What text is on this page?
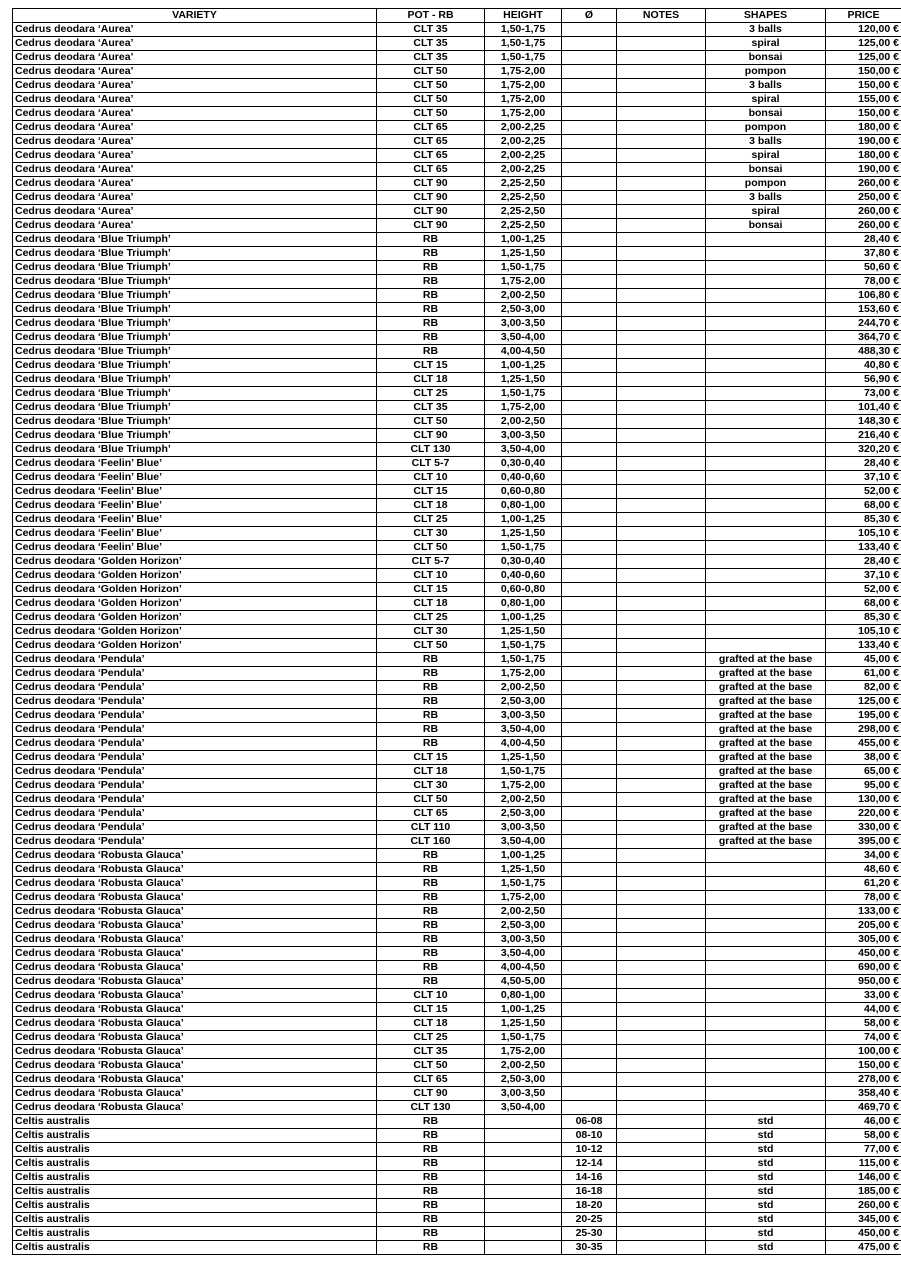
VARIETY	POT - RB	HEIGHT	Ø	NOTES	SHAPES	PRICE
Cedrus deodara ‘Aurea’	CLT 35	1,50-1,75			3 balls	120,00 €
Cedrus deodara ‘Aurea’	CLT 35	1,50-1,75			spiral	125,00 €
Cedrus deodara ‘Aurea’	CLT 35	1,50-1,75			bonsai	125,00 €
Cedrus deodara ‘Aurea’	CLT 50	1,75-2,00			pompon	150,00 €
Cedrus deodara ‘Aurea’	CLT 50	1,75-2,00			3 balls	150,00 €
Cedrus deodara ‘Aurea’	CLT 50	1,75-2,00			spiral	155,00 €
Cedrus deodara ‘Aurea’	CLT 50	1,75-2,00			bonsai	150,00 €
Cedrus deodara ‘Aurea’	CLT 65	2,00-2,25			pompon	180,00 €
Cedrus deodara ‘Aurea’	CLT 65	2,00-2,25			3 balls	190,00 €
Cedrus deodara ‘Aurea’	CLT 65	2,00-2,25			spiral	180,00 €
Cedrus deodara ‘Aurea’	CLT 65	2,00-2,25			bonsai	190,00 €
Cedrus deodara ‘Aurea’	CLT 90	2,25-2,50			pompon	260,00 €
Cedrus deodara ‘Aurea’	CLT 90	2,25-2,50			3 balls	250,00 €
Cedrus deodara ‘Aurea’	CLT 90	2,25-2,50			spiral	260,00 €
Cedrus deodara ‘Aurea’	CLT 90	2,25-2,50			bonsai	260,00 €
Cedrus deodara ‘Blue Triumph’	RB	1,00-1,25				28,40 €
Cedrus deodara ‘Blue Triumph’	RB	1,25-1,50				37,80 €
Cedrus deodara ‘Blue Triumph’	RB	1,50-1,75				50,60 €
Cedrus deodara ‘Blue Triumph’	RB	1,75-2,00				78,00 €
Cedrus deodara ‘Blue Triumph’	RB	2,00-2,50				106,80 €
Cedrus deodara ‘Blue Triumph’	RB	2,50-3,00				153,60 €
Cedrus deodara ‘Blue Triumph’	RB	3,00-3,50				244,70 €
Cedrus deodara ‘Blue Triumph’	RB	3,50-4,00				364,70 €
Cedrus deodara ‘Blue Triumph’	RB	4,00-4,50				488,30 €
Cedrus deodara ‘Blue Triumph’	CLT 15	1,00-1,25				40,80 €
Cedrus deodara ‘Blue Triumph’	CLT 18	1,25-1,50				56,90 €
Cedrus deodara ‘Blue Triumph’	CLT 25	1,50-1,75				73,00 €
Cedrus deodara ‘Blue Triumph’	CLT 35	1,75-2,00				101,40 €
Cedrus deodara ‘Blue Triumph’	CLT 50	2,00-2,50				148,30 €
Cedrus deodara ‘Blue Triumph’	CLT 90	3,00-3,50				216,40 €
Cedrus deodara ‘Blue Triumph’	CLT 130	3,50-4,00				320,20 €
Cedrus deodara ‘Feelin’ Blue’	CLT 5-7	0,30-0,40				28,40 €
Cedrus deodara ‘Feelin’ Blue’	CLT 10	0,40-0,60				37,10 €
Cedrus deodara ‘Feelin’ Blue’	CLT 15	0,60-0,80				52,00 €
Cedrus deodara ‘Feelin’ Blue’	CLT 18	0,80-1,00				68,00 €
Cedrus deodara ‘Feelin’ Blue’	CLT 25	1,00-1,25				85,30 €
Cedrus deodara ‘Feelin’ Blue’	CLT 30	1,25-1,50				105,10 €
Cedrus deodara ‘Feelin’ Blue’	CLT 50	1,50-1,75				133,40 €
Cedrus deodara ‘Golden Horizon’	CLT 5-7	0,30-0,40				28,40 €
Cedrus deodara ‘Golden Horizon’	CLT 10	0,40-0,60				37,10 €
Cedrus deodara ‘Golden Horizon’	CLT 15	0,60-0,80				52,00 €
Cedrus deodara ‘Golden Horizon’	CLT 18	0,80-1,00				68,00 €
Cedrus deodara ‘Golden Horizon’	CLT 25	1,00-1,25				85,30 €
Cedrus deodara ‘Golden Horizon’	CLT 30	1,25-1,50				105,10 €
Cedrus deodara ‘Golden Horizon’	CLT 50	1,50-1,75				133,40 €
Cedrus deodara ‘Pendula’	RB	1,50-1,75			grafted at the base	45,00 €
Cedrus deodara ‘Pendula’	RB	1,75-2,00			grafted at the base	61,00 €
Cedrus deodara ‘Pendula’	RB	2,00-2,50			grafted at the base	82,00 €
Cedrus deodara ‘Pendula’	RB	2,50-3,00			grafted at the base	125,00 €
Cedrus deodara ‘Pendula’	RB	3,00-3,50			grafted at the base	195,00 €
Cedrus deodara ‘Pendula’	RB	3,50-4,00			grafted at the base	298,00 €
Cedrus deodara ‘Pendula’	RB	4,00-4,50			grafted at the base	455,00 €
Cedrus deodara ‘Pendula’	CLT 15	1,25-1,50			grafted at the base	38,00 €
Cedrus deodara ‘Pendula’	CLT 18	1,50-1,75			grafted at the base	65,00 €
Cedrus deodara ‘Pendula’	CLT 30	1,75-2,00			grafted at the base	95,00 €
Cedrus deodara ‘Pendula’	CLT 50	2,00-2,50			grafted at the base	130,00 €
Cedrus deodara ‘Pendula’	CLT 65	2,50-3,00			grafted at the base	220,00 €
Cedrus deodara ‘Pendula’	CLT 110	3,00-3,50			grafted at the base	330,00 €
Cedrus deodara ‘Pendula’	CLT 160	3,50-4,00			grafted at the base	395,00 €
Cedrus deodara ‘Robusta Glauca’	RB	1,00-1,25				34,00 €
Cedrus deodara ‘Robusta Glauca’	RB	1,25-1,50				48,60 €
Cedrus deodara ‘Robusta Glauca’	RB	1,50-1,75				61,20 €
Cedrus deodara ‘Robusta Glauca’	RB	1,75-2,00				78,00 €
Cedrus deodara ‘Robusta Glauca’	RB	2,00-2,50				133,00 €
Cedrus deodara ‘Robusta Glauca’	RB	2,50-3,00				205,00 €
Cedrus deodara ‘Robusta Glauca’	RB	3,00-3,50				305,00 €
Cedrus deodara ‘Robusta Glauca’	RB	3,50-4,00				450,00 €
Cedrus deodara ‘Robusta Glauca’	RB	4,00-4,50				690,00 €
Cedrus deodara ‘Robusta Glauca’	RB	4,50-5,00				950,00 €
Cedrus deodara ‘Robusta Glauca’	CLT 10	0,80-1,00				33,00 €
Cedrus deodara ‘Robusta Glauca’	CLT 15	1,00-1,25				44,00 €
Cedrus deodara ‘Robusta Glauca’	CLT 18	1,25-1,50				58,00 €
Cedrus deodara ‘Robusta Glauca’	CLT 25	1,50-1,75				74,00 €
Cedrus deodara ‘Robusta Glauca’	CLT 35	1,75-2,00				100,00 €
Cedrus deodara ‘Robusta Glauca’	CLT 50	2,00-2,50				150,00 €
Cedrus deodara ‘Robusta Glauca’	CLT 65	2,50-3,00				278,00 €
Cedrus deodara ‘Robusta Glauca’	CLT 90	3,00-3,50				358,40 €
Cedrus deodara ‘Robusta Glauca’	CLT 130	3,50-4,00				469,70 €
Celtis australis	RB		06-08		std	46,00 €
Celtis australis	RB		08-10		std	58,00 €
Celtis australis	RB		10-12		std	77,00 €
Celtis australis	RB		12-14		std	115,00 €
Celtis australis	RB		14-16		std	146,00 €
Celtis australis	RB		16-18		std	185,00 €
Celtis australis	RB		18-20		std	260,00 €
Celtis australis	RB		20-25		std	345,00 €
Celtis australis	RB		25-30		std	450,00 €
Celtis australis	RB		30-35		std	475,00 €
